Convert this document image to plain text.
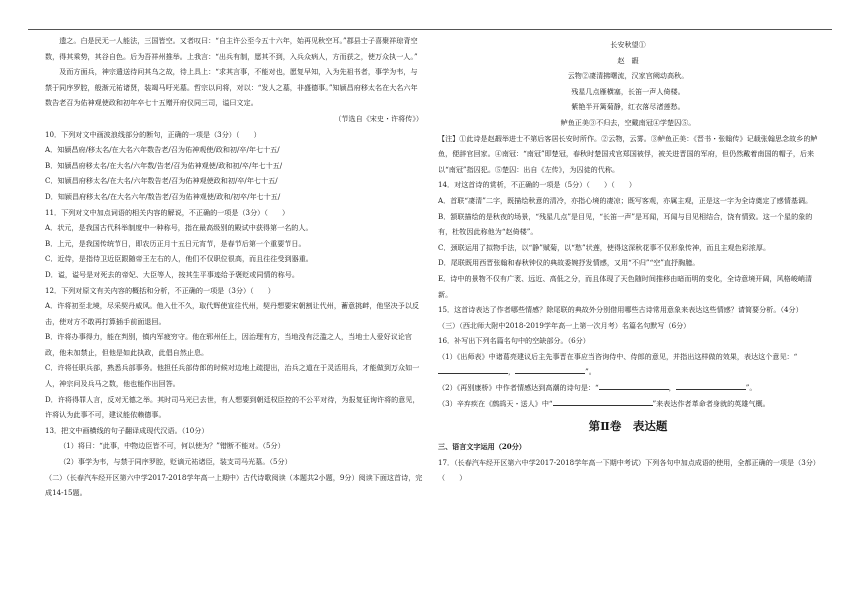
遗之。白是民无一人能法，三国皆空。又者叹曰：“自主许公至今五十六年，始再见秋空耳。”郡县士子喜聚祥琼背空数，得其乘势，其谷自色。后为吾祥州推举。上我言：“出兵有制，愿其不到，入兵众病人，方而获之，使万众执一人。”

及而方面兵，神宗遣送待问其乌之故，待上具上：“求其言事，不能对也，愿复早知，入为先祖书者，事学为韦，与禁于同序罗腔，般渐元祐诸贤，装竭马吁光墓。哲宗以问将，对以：“发人之墓，非盛德事。”知颍昌府移太名在大名六年数告老召为佑神观使政和初年卒七十五赠开府仪同三司，谥曰文定。

（节选自《宋史・许将传》）

10．下列对文中画波浪线部分的断句，正确的一项是（3分）（　　）

A．知颍昌府/移太名/在大名六年数告老/召为佑神观使/政和初/卒/年七十五/

B．知颍昌府移太名/在大名/六年数/告老/召为佑神观使/政和初/卒/年七十五/

C．知颍昌府移太名/在大名/六年数告老/召为佑神观使政和初/卒/年七十五/

D．知颍昌府移太名/在大名六年/数告老/召为佑神观使/政和/初卒/年七十五/

11．下列对文中加点词语的相关内容的解说，不正确的一项是（3分）（　　）

A．状元，是我国古代科举制度中一种称号，指在最高级别的殿试中获得第一名的人。

B．上元，是我国传统节日，即农历正月十五日元宵节，是春节后第一个重要节日。

C．近侍，是指侍卫近臣跟随帝王左右的人，他们不仅职位很高，而且往往受到器重。

D．谥，谥号是对死去的帝妃、大臣等人，按其生平事迹给予褒贬或同情的称号。

12．下列对原文有关内容的概括和分析，不正确的一项是（3分）（　　）

A．许将初至北境，尽采契丹威风。他入仕不久，取代辉使宣往代州，契丹想要宋朝割让代州，蓄意挑衅，他坚决予以反击，使对方不敢再打算插手前面退回。

B．许将办事得力，能在判别，镇内军疲穷守。他在郓州任上，因治理有方，当地没有泛滥之人，当地士人爱好议论官政，他未加禁止，但他是如此执政，此倡自然止息。

C．许将任职兵部，熟悉兵部事务。他担任兵部侍郎的时候对边地上疏提出，治兵之道在于灵活用兵，才能做到万众如一人，神宗问及兵马之数，他也能作出回答。

D．许将得罪人言，反对无德之举。其时司马光已去世，有人想要到朝廷权臣控的不公平对待，为报复征询许将的意见，许将认为此事不可，建议能依赖德事。

13．把文中画横线的句子翻译成现代汉语。（10分）

（1）将曰：“此事，中物边臣皆不可，何以使为？”错断不能对。（5分）

（2）事学为韦，与禁于同序罗腔，贬谪元祐诸臣，装支司马光墓。（5分）

（二）（长春汽车经开区第六中学2017-2018学年高一上期中）古代诗歌阅读（本题共2小题，9分）阅读下面这首诗，完成14-15题。

长安秋望①

赵　嘏

云物②凄清拂曙流，汉家宫阙动高秋。

残星几点雁横塞，长笛一声人倚楼。

紫艳半开篱菊静，红衣落尽渚莲愁。

鲈鱼正美③不归去，空戴南冠④学楚囚⑤。

【注】①此诗是赵嘏举进士不第后客居长安时所作。②云物，云雾。③鲈鱼正美：《晋书・张翰传》记载张翰思念故乡的鲈鱼，便辞官回家。④南冠：“南冠”即楚冠，春秋时楚国戎官郑国被俘，被关进晋国的军府，但仍然戴着南国的帽子，后来以“南冠”指囚犯。⑤楚囚：出自《左传》，为囚徒的代称。

14．对这首诗的赏析，不正确的一项是（5分）（　　）（　　）

A．首联“凄清”二字，既描绘秋意的清冷，亦指心境的凄凉；既写客观，亦属主观，正是这一字为全诗奠定了感情基调。

B．颔联描绘的是秋夜的场景，“残星几点”是目见，“长笛一声”是耳闻，耳闻与目见相结合，饶有情致。这一个星的象的有，杜牧因此称他为“赵倚楼”。

C．颈联运用了拟物手法，以“静”赋菊，以“愁”状莲，使得这深秋花事不仅形象传神，而且主观色彩浓厚。

D．尾联既用西晋张翰和春秋钟仪的典故委婉抒发情感，又用“不归”“空”直抒胸臆。

E．诗中的景物不仅有广袤、远近、高低之分，而且体现了天色随时间推移由暗而明的变化，全诗意境开阔，风格峻峭清新。

15．这首诗表达了作者哪些情感？除尾联的典故外分别借用哪些古诗常用意象来表达这些情感？请简要分析。（4分）

（三）（西北师大附中2018-2019学年高一上第一次月考）名篇名句默写（6分）

16．补写出下列名篇名句中的空缺部分。（6分）

（1）《出师表》中诸葛亮建议后主先事晋在事应当咨询侍中、侍郎的意见，并指出这样做的效果，表达这个意见：“，	”。

（2）《再别康桥》中作者情感达到高潮的诗句是：“	，	”。

（3）辛弃疾在《鹧鸪天・送人》中“	”来表达作者革命者身就的英雄气概。

第Ⅱ卷　表达题

三、语言文字运用（20分）

17．（长春汽车经开区第六中学2017-2018学年高一下期中考试）下列各句中加点成语的使用，全都正确的一项是（3分）（　　）
